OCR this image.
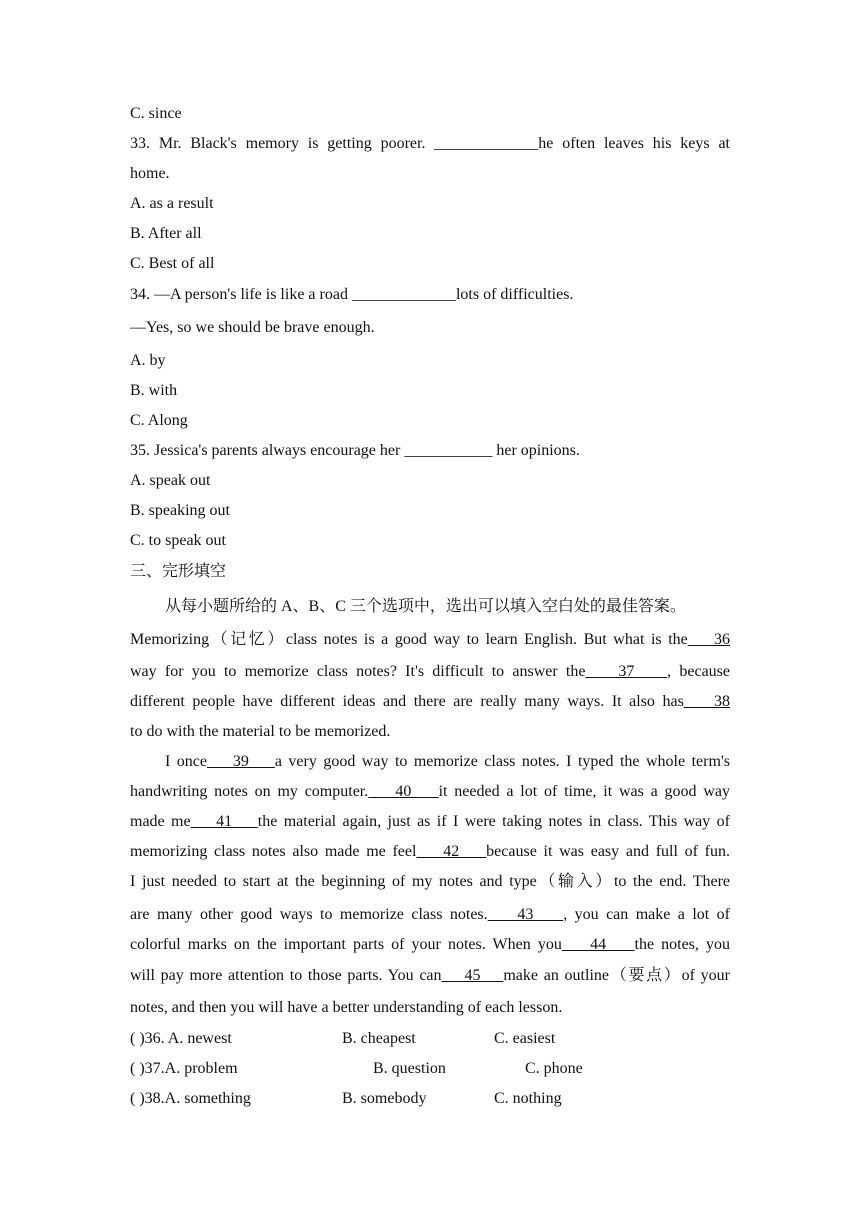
C. since
33. Mr. Black's memory is getting poorer. _____________he often leaves his keys at
home.
A. as a result
B. After all
C. Best of all
34. —A person's life is like a road _____________lots of difficulties.
—Yes, so we should be brave enough.
A. by
B. with
C. Along
35. Jessica's parents always encourage her ___________ her opinions.
A. speak out
B. speaking out
C. to speak out
三、完形填空
从每小题所给的 A、B、C 三个选项中，选出可以填入空白处的最佳答案。
Memorizing（记忆）class notes is a good way to learn English. But what is the    36
way for you to memorize class notes? It's difficult to answer the    37    , because
different people have different ideas and there are really many ways. It also has    38
to do with the material to be memorized.
I once    39    a very good way to memorize class notes. I typed the whole term's
handwriting notes on my computer.    40    it needed a lot of time, it was a good way
made me    41    the material again, just as if I were taking notes in class. This way of
memorizing class notes also made me feel    42    because it was easy and full of fun.
I just needed to start at the beginning of my notes and type（输入）to the end. There
are many other good ways to memorize class notes.    43    , you can make a lot of
colorful marks on the important parts of your notes. When you    44    the notes, you
will pay more attention to those parts. You can    45    make an outline（要点）of your
notes, and then you will have a better understanding of each lesson.
( )36. A. newest	B. cheapest	C. easiest
( )37.A. problem	B. question	C. phone
( )38.A. something	B. somebody	C. nothing
